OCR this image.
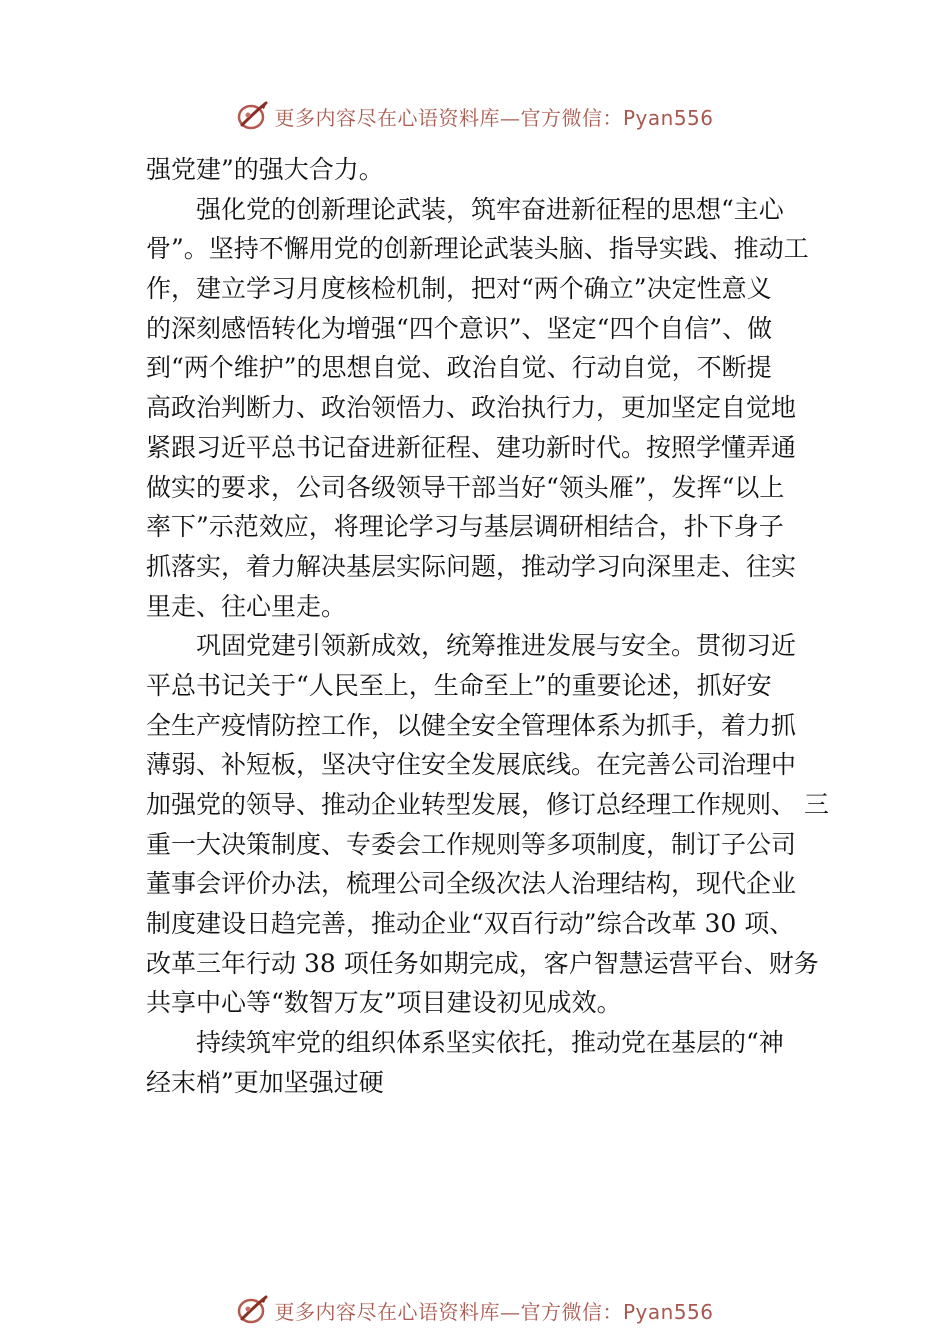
更多内容尽在心语资料库—官方微信：Pyan556
强党建”的强大合力。
强化党的创新理论武装，筑牢奋进新征程的思想“主心
骨”。坚持不懈用党的创新理论武装头脑、指导实践、推动工
作，建立学习月度核检机制，把对“两个确立”决定性意义
的深刻感悟转化为增强“四个意识”、坚定“四个自信”、做
到“两个维护”的思想自觉、政治自觉、行动自觉，不断提
高政治判断力、政治领悟力、政治执行力，更加坚定自觉地
紧跟习近平总书记奋进新征程、建功新时代。按照学懂弄通
做实的要求，公司各级领导干部当好“领头雁”，发挥“以上
率下”示范效应，将理论学习与基层调研相结合，扑下身子
抓落实，着力解决基层实际问题，推动学习向深里走、往实
里走、往心里走。
巩固党建引领新成效，统筹推进发展与安全。贯彻习近
平总书记关于“人民至上，生命至上”的重要论述，抓好安
全生产疫情防控工作，以健全安全管理体系为抓手，着力抓
薄弱、补短板，坚决守住安全发展底线。在完善公司治理中
加强党的领导、推动企业转型发展，修订总经理工作规则、 三
重一大决策制度、专委会工作规则等多项制度，制订子公司
董事会评价办法，梳理公司全级次法人治理结构，现代企业
制度建设日趋完善，推动企业“双百行动”综合改革 30 项、
改革三年行动 38 项任务如期完成，客户智慧运营平台、财务
共享中心等“数智万友”项目建设初见成效。
持续筑牢党的组织体系坚实依托，推动党在基层的“神
经末梢”更加坚强过硬
更多内容尽在心语资料库—官方微信：Pyan556
